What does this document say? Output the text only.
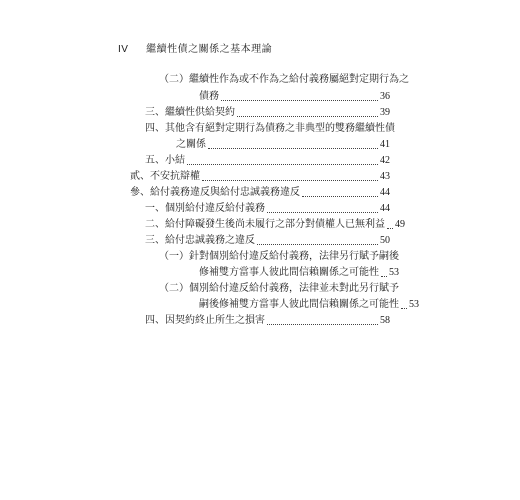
IV 繼續性債之關係之基本理論
（二）繼續性作為或不作為之給付義務屬絕對定期行為之
債務	36
三、繼續性供給契約	39
四、其他含有絕對定期行為債務之非典型的雙務繼續性債
之關係	41
五、小結	42
貳、不安抗辯權	43
參、給付義務違反與給付忠誠義務違反	44
一、個別給付違反給付義務	44
二、給付障礙發生後尚未履行之部分對債權人已無利益 49
三、給付忠誠義務之違反	50
（一）針對個別給付違反給付義務，法律另行賦予嗣後
修補雙方當事人彼此間信賴關係之可能性 53
（二）個別給付違反給付義務，法律並未對此另行賦予
嗣後修補雙方當事人彼此間信賴關係之可能性 53
四、因契約終止所生之損害	58
